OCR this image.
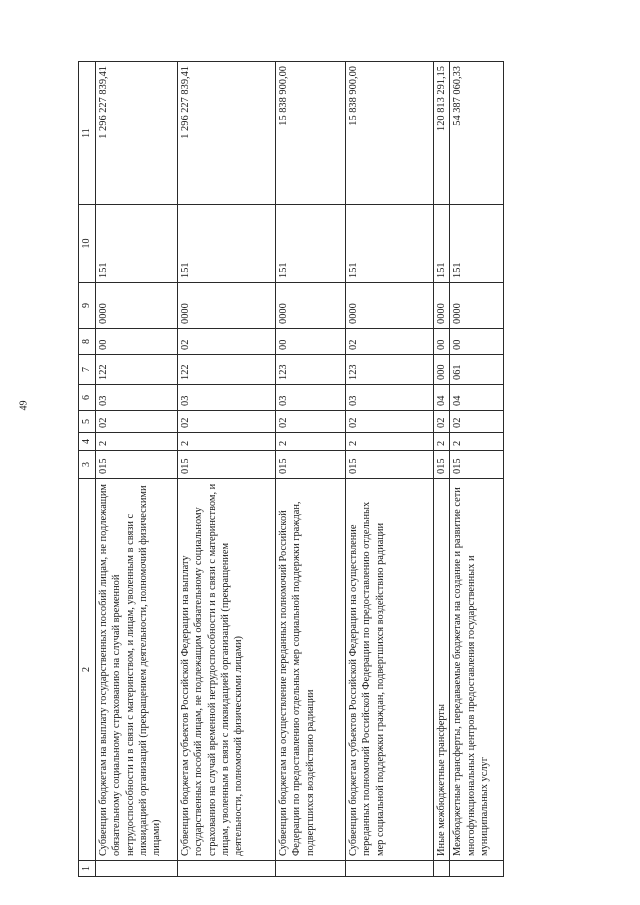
49
1	2	3	4	5	6	7	8	9	10	11
	Субвенции бюджетам на выплату государственных пособий лицам, не подлежащим обязательному социальному страхованию на случай временной нетрудоспособности и в связи с материнством, и лицам, уволенным в связи с ликвидацией организаций (прекращением деятельности, полномочий физическими лицами)	015	2	02	03	122	00	0000	151	1 296 227 839,41
	Субвенции бюджетам субъектов Российской Федерации на выплату государственных пособий лицам, не подлежащим обязательному социальному страхованию на случай временной нетрудоспособности и в связи с материнством, и лицам, уволенным в связи с ликвидацией организаций (прекращением деятельности, полномочий физическими лицами)	015	2	02	03	122	02	0000	151	1 296 227 839,41
	Субвенции бюджетам на осуществление переданных полномочий Российской Федерации по предоставлению отдельных мер социальной поддержки граждан, подвергшихся воздействию радиации	015	2	02	03	123	00	0000	151	15 838 900,00
	Субвенции бюджетам субъектов Российской Федерации на осуществление переданных полномочий Российской Федерации по предоставлению отдельных мер социальной поддержки граждан, подвергшихся воздействию радиации	015	2	02	03	123	02	0000	151	15 838 900,00
	Иные межбюджетные трансферты	015	2	02	04	000	00	0000	151	120 813 291,15
	Межбюджетные трансферты, передаваемые бюджетам на создание и развитие сети многофункциональных центров предоставления государственных и муниципальных услуг	015	2	02	04	061	00	0000	151	54 387 060,33
